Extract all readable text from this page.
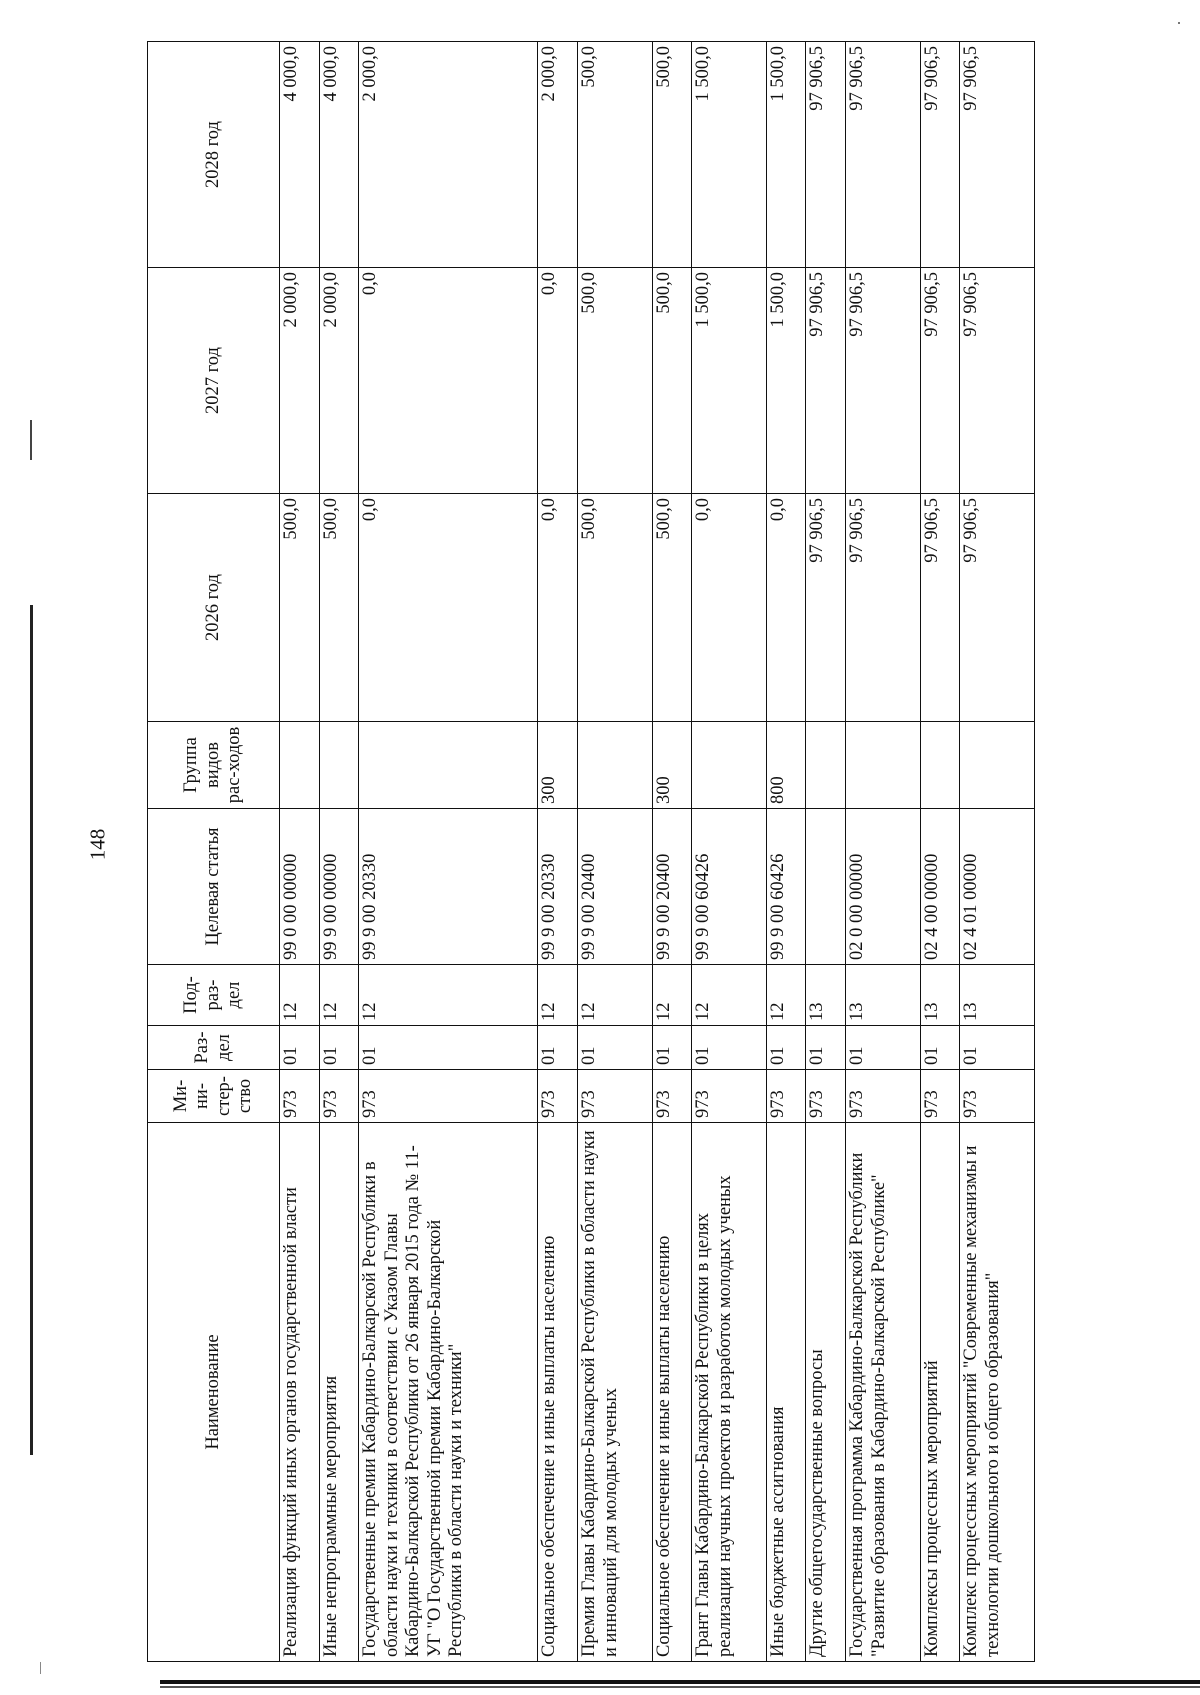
148
Наименование	Ми-ни-стер-ство	Раз-дел	Под-раз-дел	Целевая статья	Группа видов рас-ходов	2026 год	2027 год	2028 год
Реализация функций иных органов государственной власти	973	01	12	99 0 00 00000		500,0	2 000,0	4 000,0
Иные непрограммные мероприятия	973	01	12	99 9 00 00000		500,0	2 000,0	4 000,0
Государственные премии Кабардино-Балкарской Республики в области науки и техники в соответствии с Указом Главы Кабардино-Балкарской Республики от 26 января 2015 года № 11-УГ "О Государственной премии Кабардино-Балкарской Республики в области науки и техники"	973	01	12	99 9 00 20330		0,0	0,0	2 000,0
Социальное обеспечение и иные выплаты населению	973	01	12	99 9 00 20330	300	0,0	0,0	2 000,0
Премия Главы Кабардино-Балкарской Республики в области науки и инноваций для молодых ученых	973	01	12	99 9 00 20400		500,0	500,0	500,0
Социальное обеспечение и иные выплаты населению	973	01	12	99 9 00 20400	300	500,0	500,0	500,0
Грант Главы Кабардино-Балкарской Республики в целях реализации научных проектов и разработок молодых ученых	973	01	12	99 9 00 60426		0,0	1 500,0	1 500,0
Иные бюджетные ассигнования	973	01	12	99 9 00 60426	800	0,0	1 500,0	1 500,0
Другие общегосударственные вопросы	973	01	13			97 906,5	97 906,5	97 906,5
Государственная программа Кабардино-Балкарской Республики "Развитие образования в Кабардино-Балкарской Республике"	973	01	13	02 0 00 00000		97 906,5	97 906,5	97 906,5
Комплексы процессных мероприятий	973	01	13	02 4 00 00000		97 906,5	97 906,5	97 906,5
Комплекс процессных мероприятий "Современные механизмы и технологии дошкольного и общего образования"	973	01	13	02 4 01 00000		97 906,5	97 906,5	97 906,5
